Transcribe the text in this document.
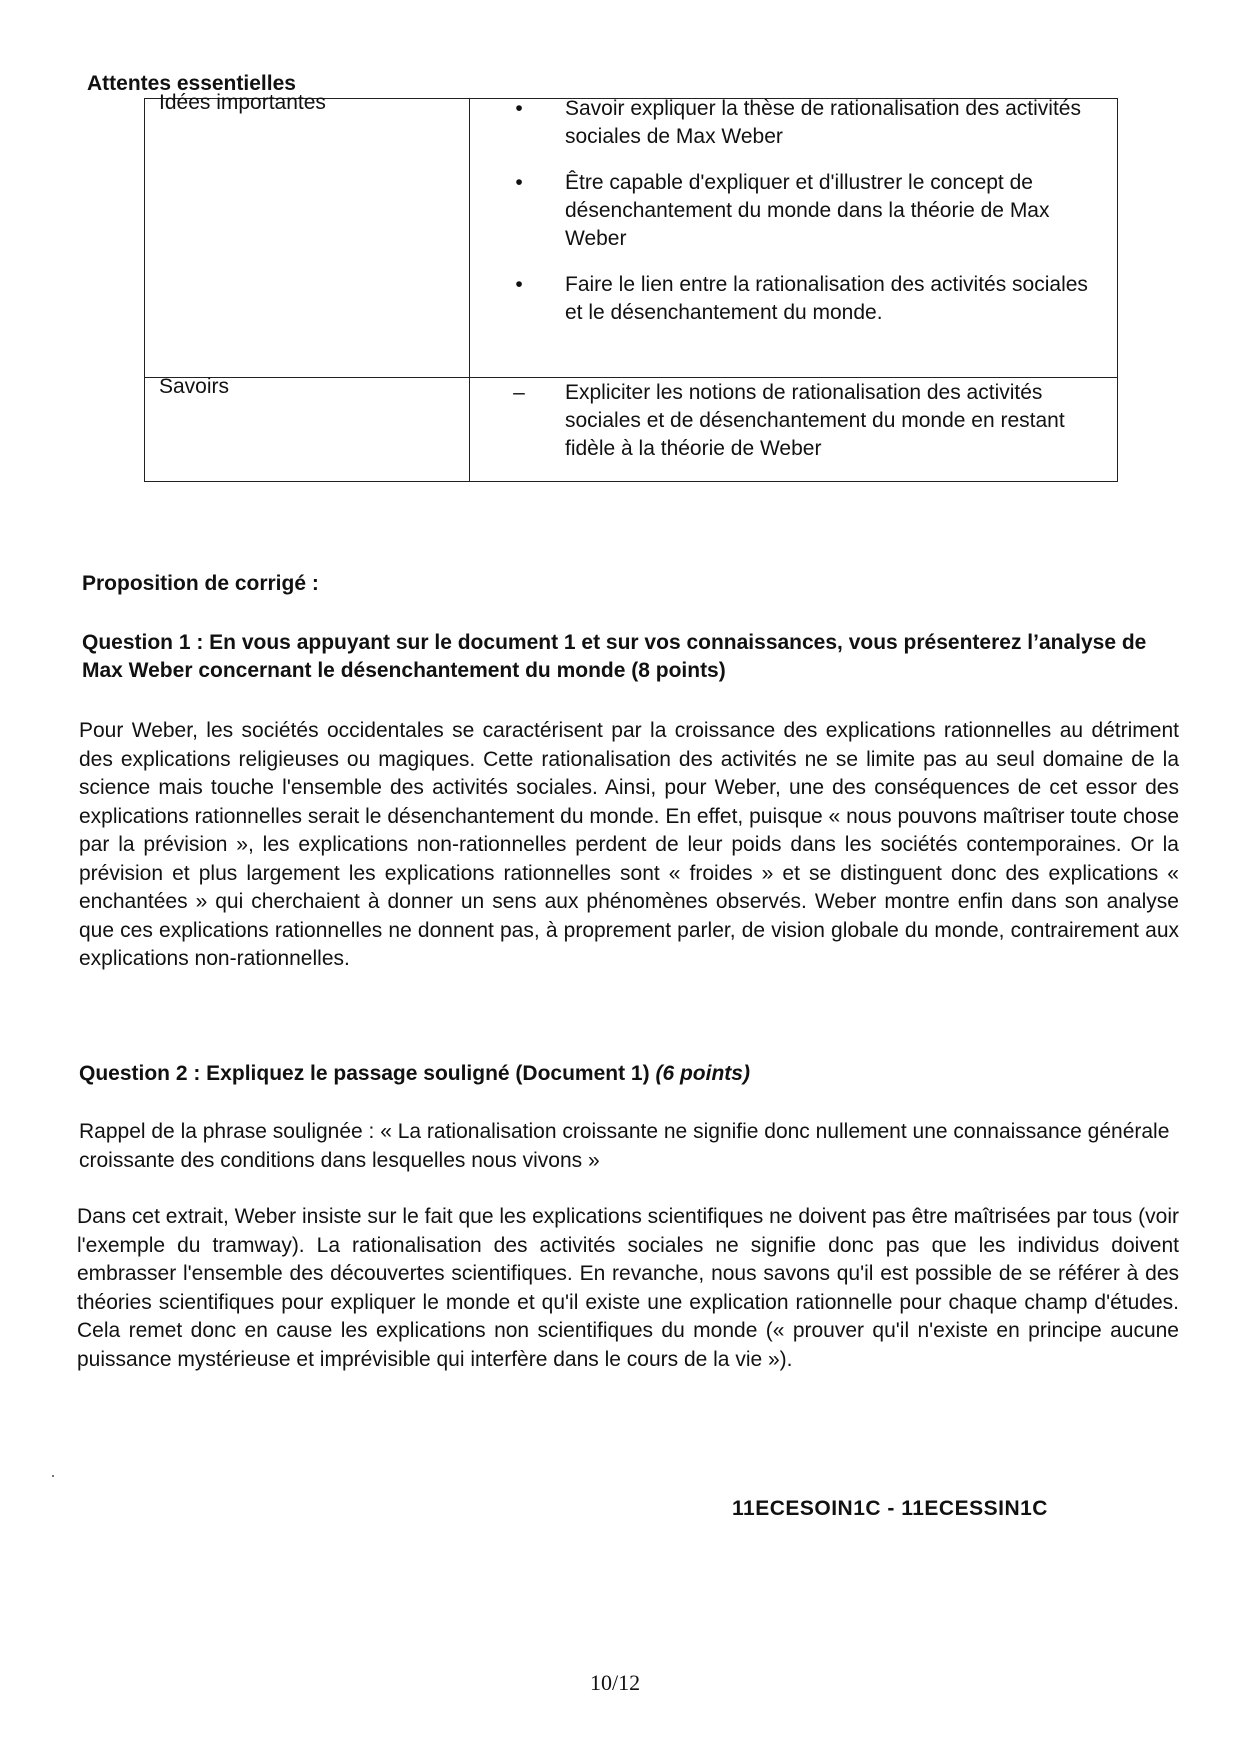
Attentes essentielles
Idées importantes	•	Savoir expliquer la thèse de rationalisation des activités sociales de Max Weber
•	Être capable d'expliquer et d'illustrer le concept de désenchantement du monde dans la théorie de Max Weber
•	Faire le lien entre la rationalisation des activités sociales et le désenchantement du monde.
Savoirs	– Expliciter les notions de rationalisation des activités sociales et de désenchantement du monde en restant fidèle à la théorie de Weber
Proposition de corrigé :
Question 1 : En vous appuyant sur le document 1 et sur vos connaissances, vous présenterez l’analyse de Max Weber concernant le désenchantement du monde (8 points)
Pour Weber, les sociétés occidentales se caractérisent par la croissance des explications rationnelles au détriment des explications religieuses ou magiques. Cette rationalisation des activités ne se limite pas au seul domaine de la science mais touche l'ensemble des activités sociales. Ainsi, pour Weber, une des conséquences de cet essor des explications rationnelles serait le désenchantement du monde. En effet, puisque « nous pouvons maîtriser toute chose par la prévision », les explications non-rationnelles perdent de leur poids dans les sociétés contemporaines. Or la prévision et plus largement les explications rationnelles sont « froides » et se distinguent donc des explications « enchantées » qui cherchaient à donner un sens aux phénomènes observés. Weber montre enfin dans son analyse que ces explications rationnelles ne donnent pas, à proprement parler, de vision globale du monde, contrairement aux explications non-rationnelles.
Question 2 : Expliquez le passage souligné (Document 1) (6 points)
Rappel de la phrase soulignée : « La rationalisation croissante ne signifie donc nullement une connaissance générale croissante des conditions dans lesquelles nous vivons »
Dans cet extrait, Weber insiste sur le fait que les explications scientifiques ne doivent pas être maîtrisées par tous (voir l'exemple du tramway). La rationalisation des activités sociales ne signifie donc pas que les individus doivent embrasser l'ensemble des découvertes scientifiques. En revanche, nous savons qu'il est possible de se référer à des théories scientifiques pour expliquer le monde et qu'il existe une explication rationnelle pour chaque champ d'études. Cela remet donc en cause les explications non scientifiques du monde (« prouver qu'il n'existe en principe aucune puissance mystérieuse et imprévisible qui interfère dans le cours de la vie »).
11ECESOIN1C - 11ECESSIN1C
10/12
